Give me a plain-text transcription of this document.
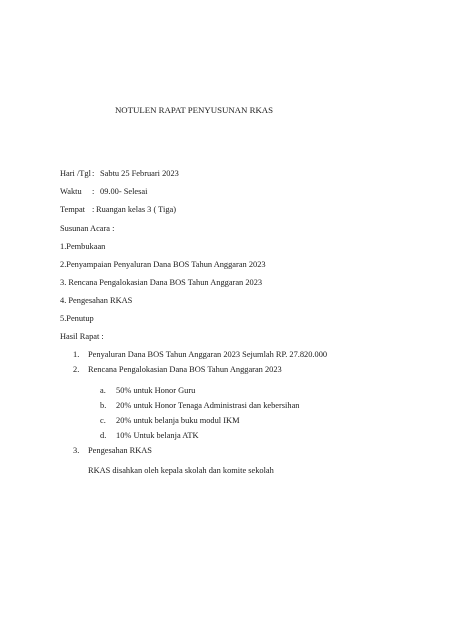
NOTULEN RAPAT PENYUSUNAN RKAS

Hari /Tgl : Sabtu 25 Februari 2023

Waktu : 09.00- Selesai

Tempat : Ruangan kelas 3 ( Tiga)

Susunan Acara :

1.Pembukaan

2.Penyampaian Penyaluran Dana BOS Tahun Anggaran 2023

3. Rencana Pengalokasian Dana BOS Tahun Anggaran 2023

4. Pengesahan RKAS

5.Penutup

Hasil Rapat :

1. Penyaluran Dana BOS Tahun Anggaran 2023 Sejumlah RP. 27.820.000

2. Rencana Pengalokasian Dana BOS Tahun Anggaran 2023

a. 50% untuk Honor Guru

b. 20% untuk Honor Tenaga Administrasi dan kebersihan

c. 20% untuk belanja buku modul IKM

d. 10% Untuk belanja ATK

3. Pengesahan RKAS

RKAS disahkan oleh kepala skolah dan komite sekolah
